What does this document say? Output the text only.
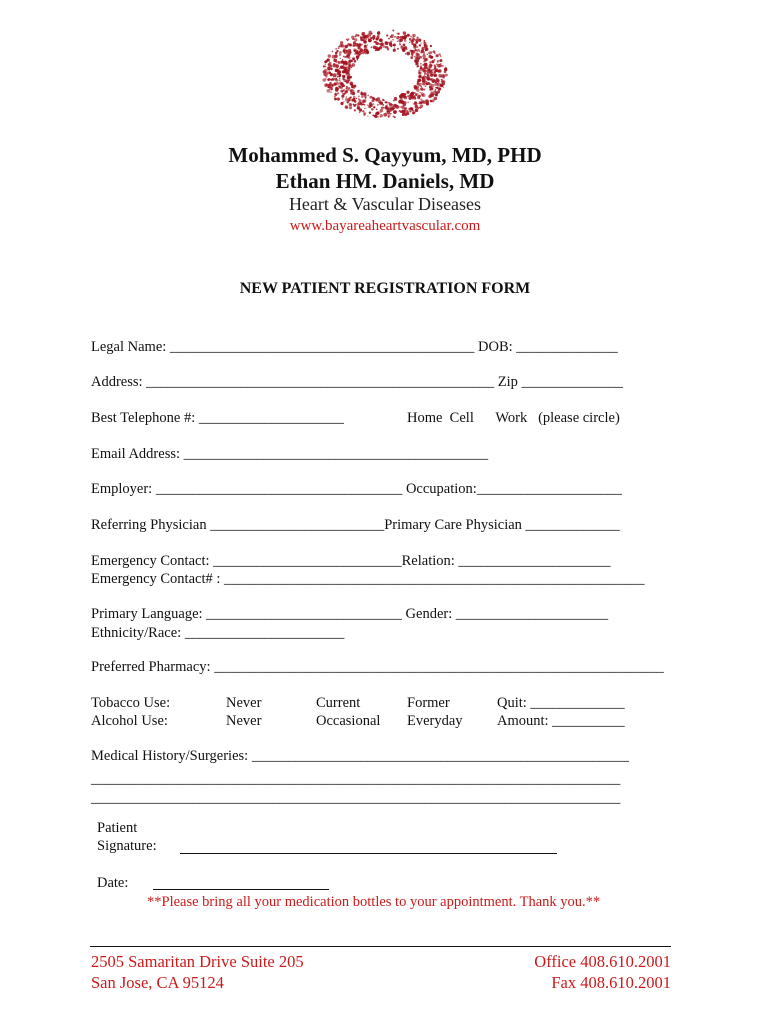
Mohammed S. Qayyum, MD, PHD
Ethan HM. Daniels, MD
Heart & Vascular Diseases
www.bayareaheartvascular.com
NEW PATIENT REGISTRATION FORM
Legal Name: __________________________________________ DOB: ______________
Address: ________________________________________________ Zip ______________
Best Telephone #: ____________________	Home  Cell      Work   (please circle)
Email Address: __________________________________________
Employer: __________________________________ Occupation:____________________
Referring Physician ________________________Primary Care Physician _____________
Emergency Contact: __________________________Relation: _____________________
Emergency Contact# : __________________________________________________________
Primary Language: ___________________________ Gender: _____________________
Ethnicity/Race: ______________________
Preferred Pharmacy: ______________________________________________________________
Tobacco Use:	Never	Current	Former	Quit: _____________
Alcohol Use:	Never	Occasional Everyday Amount: __________
Medical History/Surgeries: ____________________________________________________
_________________________________________________________________________
_________________________________________________________________________
Patient
Signature:
Date:
**Please bring all your medication bottles to your appointment. Thank you.**
2505 Samaritan Drive Suite 205
San Jose, CA 95124
Office 408.610.2001
Fax 408.610.2001
